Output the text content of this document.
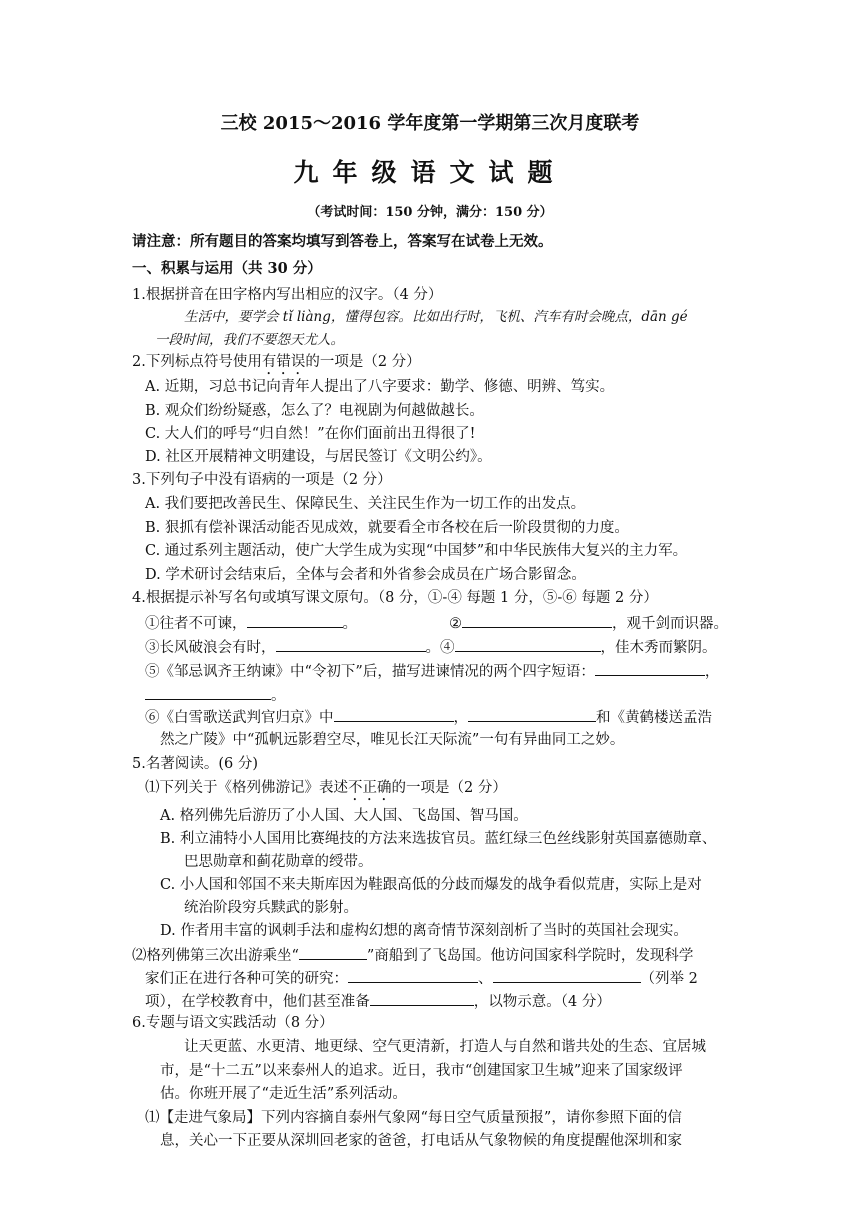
三校 2015～2016 学年度第一学期第三次月度联考
九年级语文试题
（考试时间：150 分钟，满分：150 分）
请注意：所有题目的答案均填写到答卷上，答案写在试卷上无效。
一、积累与运用（共 30 分）
1.根据拼音在田字格内写出相应的汉字。（4 分）
生活中，要学会 tǐ liàng，懂得包容。比如出行时，飞机、汽车有时会晚点，dān gé
一段时间，我们不要怨天尤人。
2.下列标点符号使用有错误的一项是（2 分）
A. 近期，习总书记向青年人提出了八字要求：勤学、修德、明辨、笃实。
B. 观众们纷纷疑惑，怎么了？电视剧为何越做越长。
C. 大人们的呼号“归自然！”在你们面前出丑得很了!
D. 社区开展精神文明建设，与居民签订《文明公约》。
3.下列句子中没有语病的一项是（2 分）
A. 我们要把改善民生、保障民生、关注民生作为一切工作的出发点。
B. 狠抓有偿补课活动能否见成效，就要看全市各校在后一阶段贯彻的力度。
C. 通过系列主题活动，使广大学生成为实现“中国梦”和中华民族伟大复兴的主力军。
D. 学术研讨会结束后，全体与会者和外省参会成员在广场合影留念。
4.根据提示补写名句或填写课文原句。（8 分，①-④ 每题 1 分，⑤-⑥ 每题 2 分）
①往者不可谏，	。	②	，观千剑而识器。
③长风破浪会有时，	。④	，佳木秀而繁阴。
⑤《邹忌讽齐王纳谏》中“令初下”后，描写进谏情况的两个四字短语：	，
。
⑥《白雪歌送武判官归京》中	，	和《黄鹤楼送孟浩
然之广陵》中“孤帆远影碧空尽，唯见长江天际流”一句有异曲同工之妙。
5.名著阅读。(6 分)
⑴下列关于《格列佛游记》表述不正确的一项是（2 分）
A. 格列佛先后游历了小人国、大人国、飞岛国、智马国。
B. 利立浦特小人国用比赛绳技的方法来选拔官员。蓝红绿三色丝线影射英国嘉德勋章、
巴思勋章和蓟花勋章的绶带。
C. 小人国和邻国不来夫斯库因为鞋跟高低的分歧而爆发的战争看似荒唐，实际上是对
统治阶段穷兵黩武的影射。
D. 作者用丰富的讽刺手法和虚构幻想的离奇情节深刻剖析了当时的英国社会现实。
⑵格列佛第三次出游乘坐“	”商船到了飞岛国。他访问国家科学院时，发现科学
家们正在进行各种可笑的研究：	、	（列举 2
项），在学校教育中，他们甚至准备	，以物示意。（4 分）
6.专题与语文实践活动（8 分）
让天更蓝、水更清、地更绿、空气更清新，打造人与自然和谐共处的生态、宜居城
市，是“十二五”以来泰州人的追求。近日，我市“创建国家卫生城”迎来了国家级评
估。你班开展了“走近生活”系列活动。
⑴【走进气象局】下列内容摘自泰州气象网“每日空气质量预报”，请你参照下面的信
息，关心一下正要从深圳回老家的爸爸，打电话从气象物候的角度提醒他深圳和家
